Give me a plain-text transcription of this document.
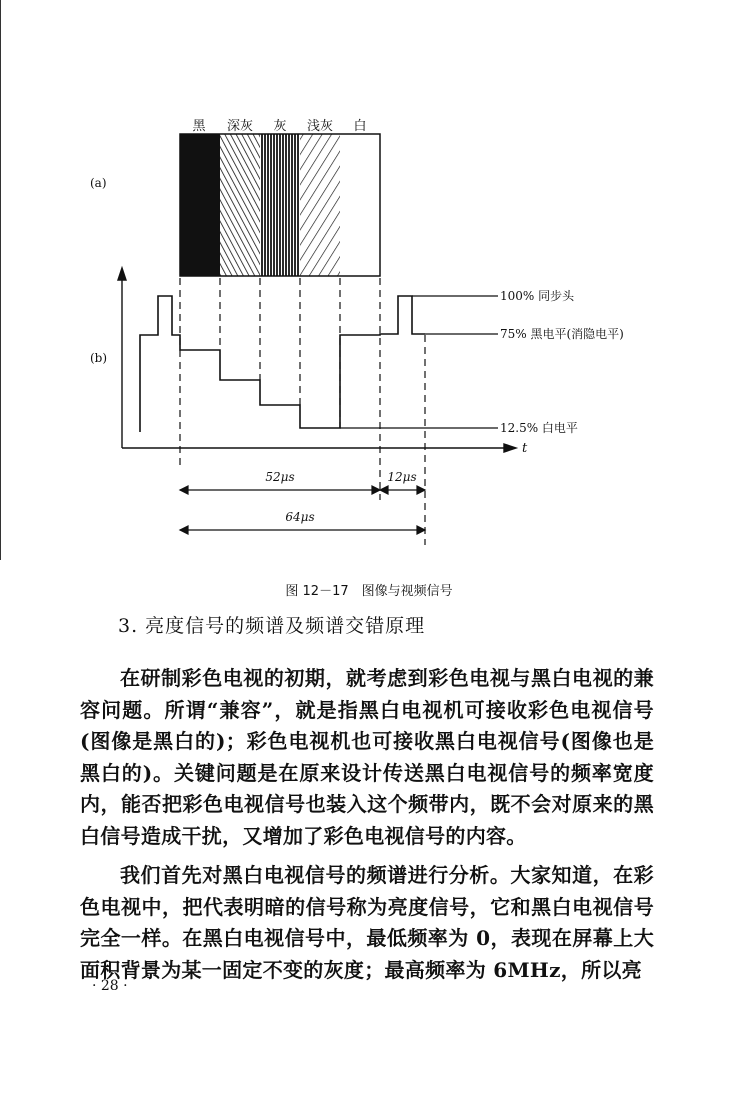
(a)
黑 深灰 灰 浅灰 白
(b)
t
100% 同步头
75% 黑电平(消隐电平)
12.5% 白电平
52μs	12μs
64μs
图 12－17　图像与视频信号
3. 亮度信号的频谱及频谱交错原理

在研制彩色电视的初期，就考虑到彩色电视与黑白电视的兼容问题。所谓“兼容”，就是指黑白电视机可接收彩色电视信号(图像是黑白的)；彩色电视机也可接收黑白电视信号(图像也是黑白的)。关键问题是在原来设计传送黑白电视信号的频率宽度内，能否把彩色电视信号也装入这个频带内，既不会对原来的黑白信号造成干扰，又增加了彩色电视信号的内容。

我们首先对黑白电视信号的频谱进行分析。大家知道，在彩色电视中，把代表明暗的信号称为亮度信号，它和黑白电视信号完全一样。在黑白电视信号中，最低频率为 0，表现在屏幕上大面积背景为某一固定不变的灰度；最高频率为 6MHz，所以亮

· 28 ·
